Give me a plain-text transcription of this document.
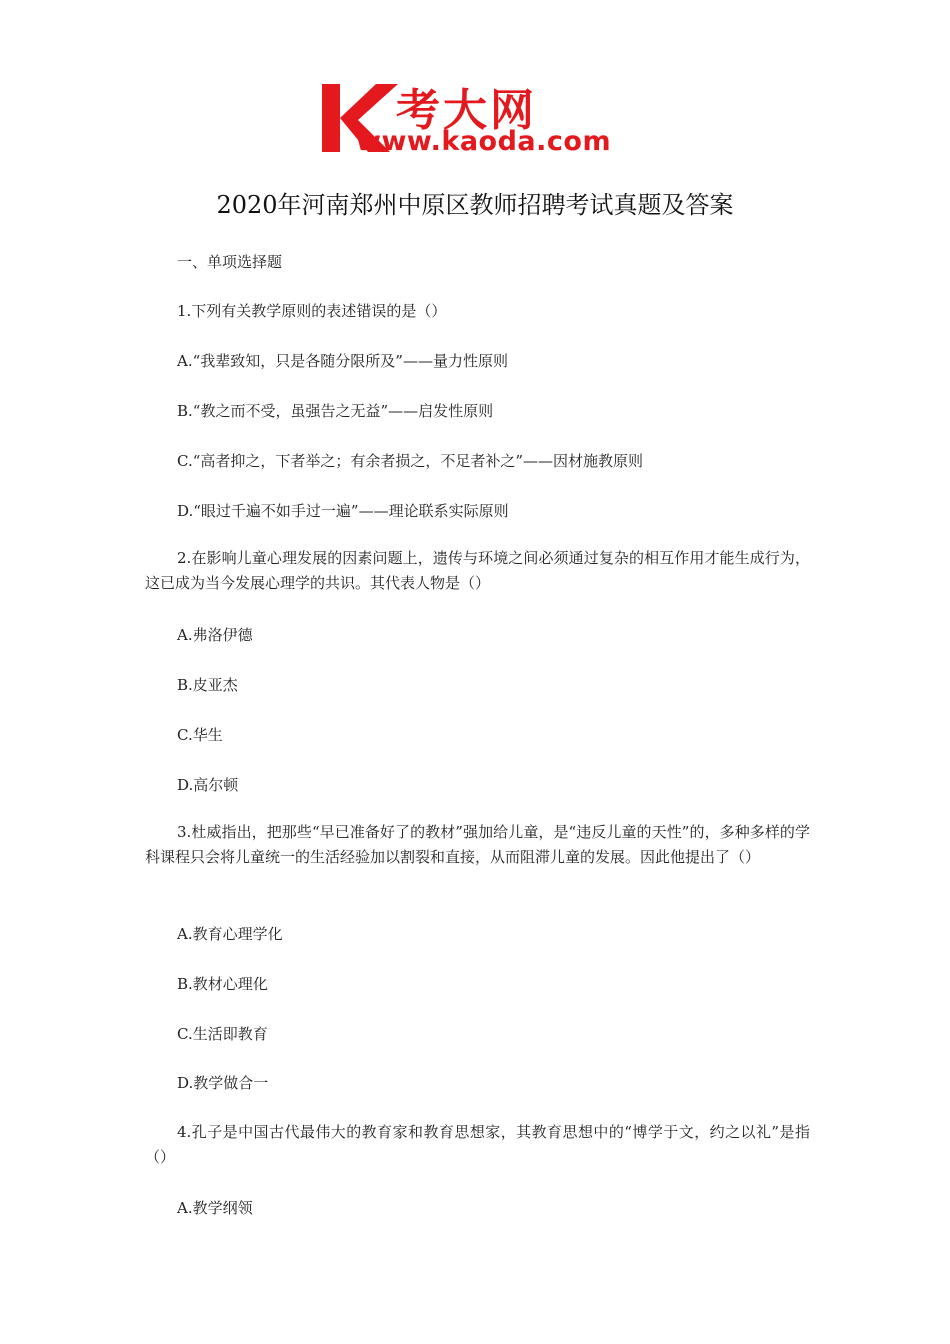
考大网
www.kaoda.com
2020年河南郑州中原区教师招聘考试真题及答案
一、单项选择题
1.下列有关教学原则的表述错误的是（）
A.“我辈致知，只是各随分限所及”——量力性原则
B.“教之而不受，虽强告之无益”——启发性原则
C.“高者抑之，下者举之；有余者损之，不足者补之”——因材施教原则
D.“眼过千遍不如手过一遍”——理论联系实际原则
2.在影响儿童心理发展的因素问题上，遗传与环境之间必须通过复杂的相互作用才能生成行为，这已成为当今发展心理学的共识。其代表人物是（）
A.弗洛伊德
B.皮亚杰
C.华生
D.高尔顿
3.杜威指出，把那些“早已准备好了的教材”强加给儿童，是“违反儿童的天性”的，多种多样的学科课程只会将儿童统一的生活经验加以割裂和直接，从而阻滞儿童的发展。因此他提出了（）
A.教育心理学化
B.教材心理化
C.生活即教育
D.教学做合一
4.孔子是中国古代最伟大的教育家和教育思想家，其教育思想中的“博学于文，约之以礼”是指（）
A.教学纲领
